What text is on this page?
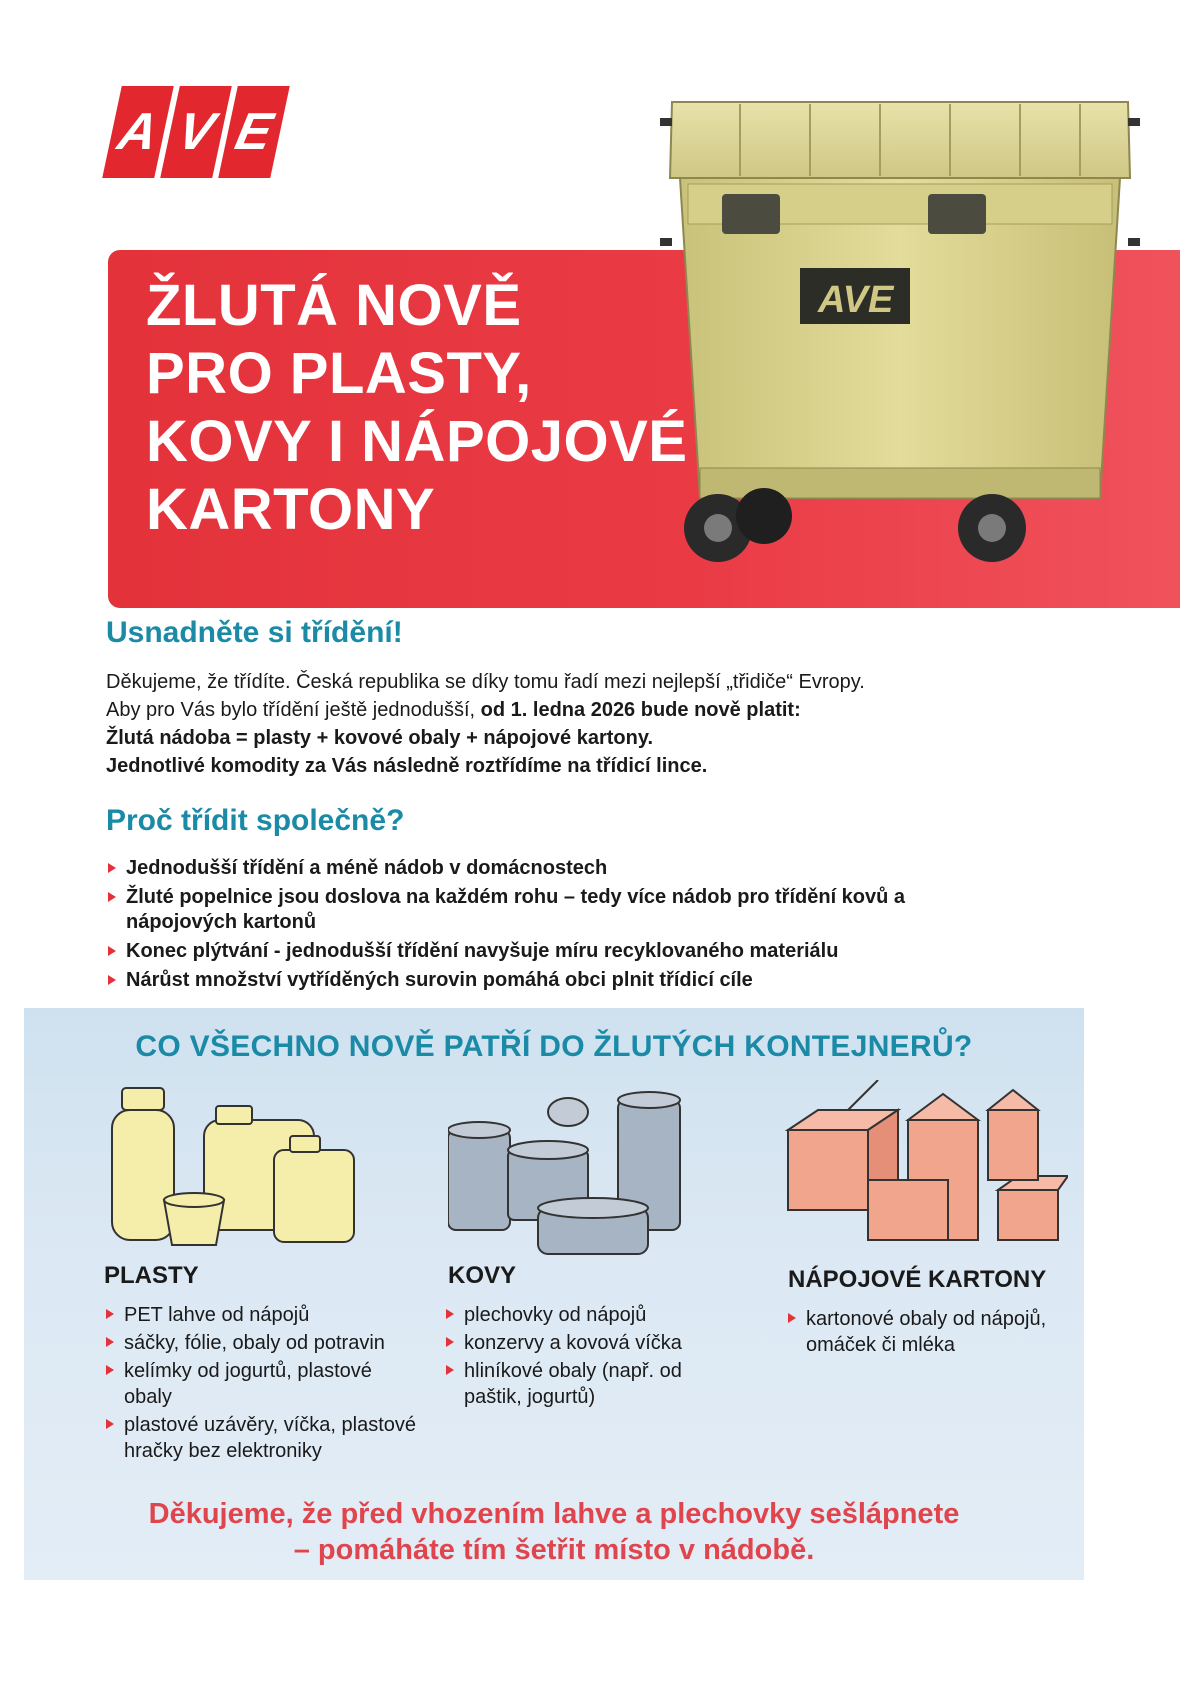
A V E
ŽLUTÁ NOVĚ
PRO PLASTY,
KOVY I NÁPOJOVÉ
KARTONY
AVE
Usnadněte si třídění!
Děkujeme, že třídíte. Česká republika se díky tomu řadí mezi nejlepší „třidiče“ Evropy.
Aby pro Vás bylo třídění ještě jednodušší, od 1. ledna 2026 bude nově platit:
Žlutá nádoba = plasty + kovové obaly + nápojové kartony.
Jednotlivé komodity za Vás následně roztřídíme na třídicí lince.
Proč třídit společně?
Jednodušší třídění a méně nádob v domácnostech
Žluté popelnice jsou doslova na každém rohu – tedy více nádob pro třídění kovů a nápojových kartonů
Konec plýtvání - jednodušší třídění navyšuje míru recyklovaného materiálu
Nárůst množství vytříděných surovin pomáhá obci plnit třídicí cíle
CO VŠECHNO NOVĚ PATŘÍ DO ŽLUTÝCH KONTEJNERŮ?
PLASTY
PET lahve od nápojů
sáčky, fólie, obaly od potravin
kelímky od jogurtů, plastové obaly
plastové uzávěry, víčka, plastové hračky bez elektroniky
KOVY
plechovky od nápojů
konzervy a kovová víčka
hliníkové obaly (např. od paštik, jogurtů)
NÁPOJOVÉ KARTONY
kartonové obaly od nápojů, omáček či mléka
Děkujeme, že před vhozením lahve a plechovky sešlápnete
– pomáháte tím šetřit místo v nádobě.
